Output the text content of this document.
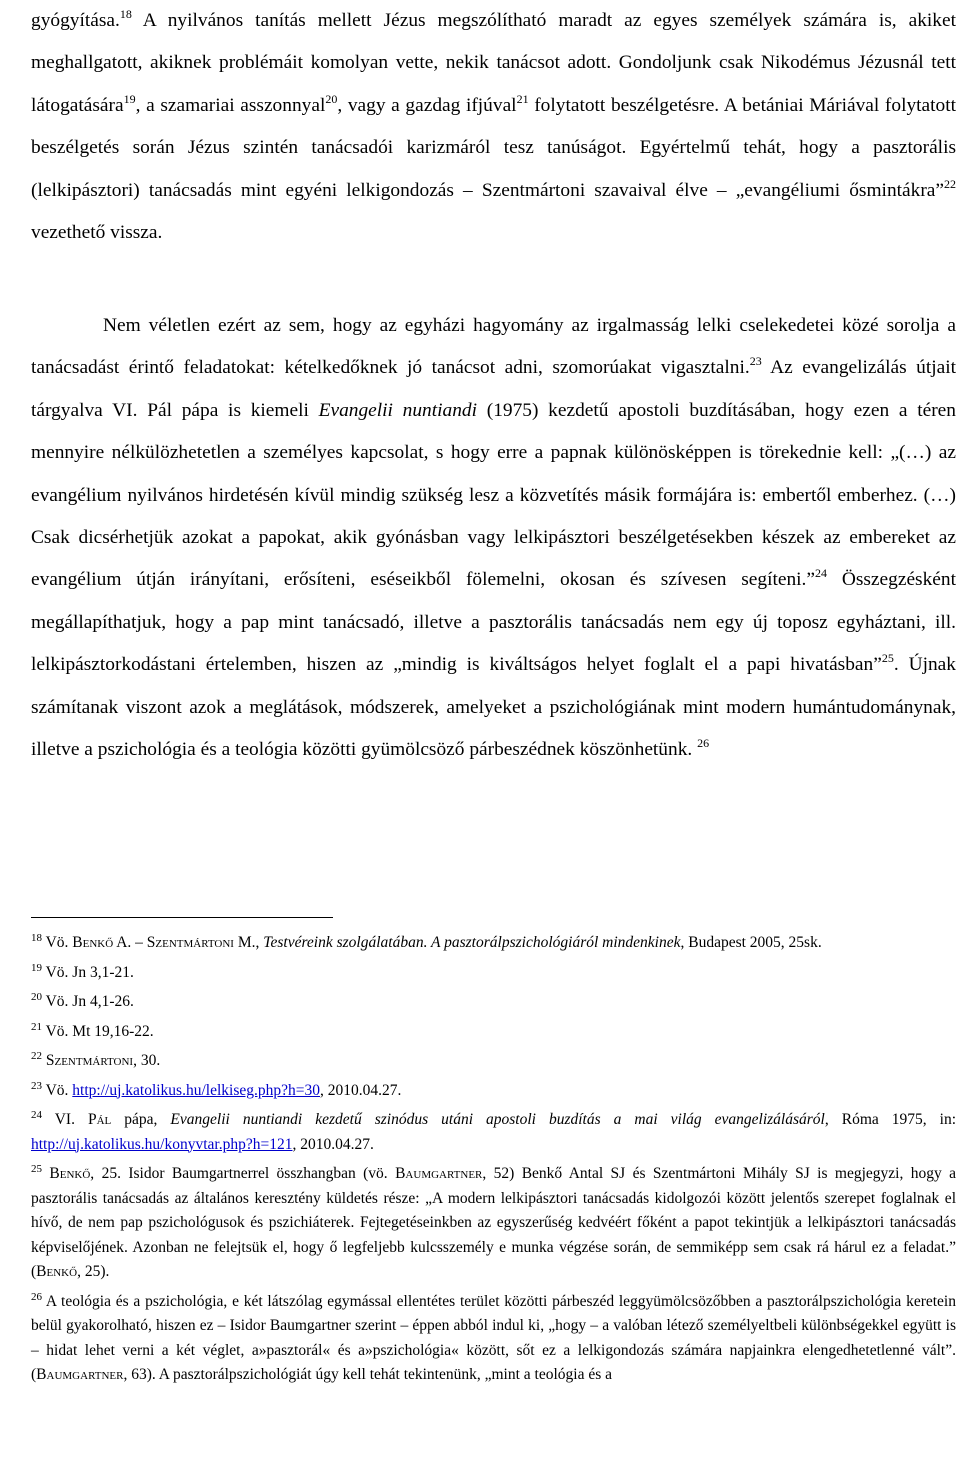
gyógyítása.$^{18}$ A nyilvános tanítás mellett Jézus megszólítható maradt az egyes személyek számára is, akiket meghallgatott, akiknek problémáit komolyan vette, nekik tanácsot adott. Gondoljunk csak Nikodémus Jézusnál tett látogatására$^{19}$, a szamariai asszonnyal$^{20}$, vagy a gazdag ifjúval$^{21}$ folytatott beszélgetésre. A betániai Máriával folytatott beszélgetés során Jézus szintén tanácsadói karizmáról tesz tanúságot. Egyértelmű tehát, hogy a pasztorális (lelkipásztori) tanácsadás mint egyéni lelkigondozás – Szentmártoni szavaival élve – „evangéliumi ősmintákra”$^{22}$ vezethető vissza.

Nem véletlen ezért az sem, hogy az egyházi hagyomány az irgalmasság lelki cselekedetei közé sorolja a tanácsadást érintő feladatokat: kételkedőknek jó tanácsot adni, szomorúakat vigasztalni.$^{23}$ Az evangelizálás útjait tárgyalva VI. Pál pápa is kiemeli Evangelii nuntiandi (1975) kezdetű apostoli buzdításában, hogy ezen a téren mennyire nélkülözhetetlen a személyes kapcsolat, s hogy erre a papnak különösképpen is törekednie kell: „(…) az evangélium nyilvános hirdetésén kívül mindig szükség lesz a közvetítés másik formájára is: embertől emberhez. (…) Csak dicsérhetjük azokat a papokat, akik gyónásban vagy lelkipásztori beszélgetésekben készek az embereket az evangélium útján irányítani, erősíteni, eséseikből fölemelni, okosan és szívesen segíteni.”$^{24}$ Összegzésként megállapíthatjuk, hogy a pap mint tanácsadó, illetve a pasztorális tanácsadás nem egy új toposz egyháztani, ill. lelkipásztorkodástani értelemben, hiszen az „mindig is kiváltságos helyet foglalt el a papi hivatásban”$^{25}$. Újnak számítanak viszont azok a meglátások, módszerek, amelyeket a pszichológiának mint modern humántudománynak, illetve a pszichológia és a teológia közötti gyümölcsöző párbeszédnek köszönhetünk. $^{26}$

$^{18}$ Vö. Benkő A. – Szentmártoni M., Testvéreink szolgálatában. A pasztorálpszichológiáról mindenkinek, Budapest 2005, 25sk.

$^{19}$ Vö. Jn 3,1-21.

$^{20}$ Vö. Jn 4,1-26.

$^{21}$ Vö. Mt 19,16-22.

$^{22}$ Szentmártoni, 30.

$^{23}$ Vö. http://uj.katolikus.hu/lelkiseg.php?h=30, 2010.04.27.

$^{24}$ VI. Pál pápa, Evangelii nuntiandi kezdetű szinódus utáni apostoli buzdítás a mai világ evangelizálásáról, Róma 1975, in: http://uj.katolikus.hu/konyvtar.php?h=121, 2010.04.27.

$^{25}$ Benkő, 25. Isidor Baumgartnerrel összhangban (vö. Baumgartner, 52) Benkő Antal SJ és Szentmártoni Mihály SJ is megjegyzi, hogy a pasztorális tanácsadás az általános keresztény küldetés része: „A modern lelkipásztori tanácsadás kidolgozói között jelentős szerepet foglalnak el hívő, de nem pap pszichológusok és pszichiáterek. Fejtegetéseinkben az egyszerűség kedvéért főként a papot tekintjük a lelkipásztori tanácsadás képviselőjének. Azonban ne felejtsük el, hogy ő legfeljebb kulcsszemély e munka végzése során, de semmiképp sem csak rá hárul ez a feladat.” (Benkő, 25).

$^{26}$ A teológia és a pszichológia, e két látszólag egymással ellentétes terület közötti párbeszéd leggyümölcsözőbben a pasztorálpszichológia keretein belül gyakorolható, hiszen ez – Isidor Baumgartner szerint – éppen abból indul ki, „hogy – a valóban létező személyeltbeli különbségekkel együtt is – hidat lehet verni a két véglet, a»pasztorál« és a»pszichológia« között, sőt ez a lelkigondozás számára napjainkra elengedhetetlenné vált”. (Baumgartner, 63). A pasztorálpszichológiát úgy kell tehát tekintenünk, „mint a teológia és a
